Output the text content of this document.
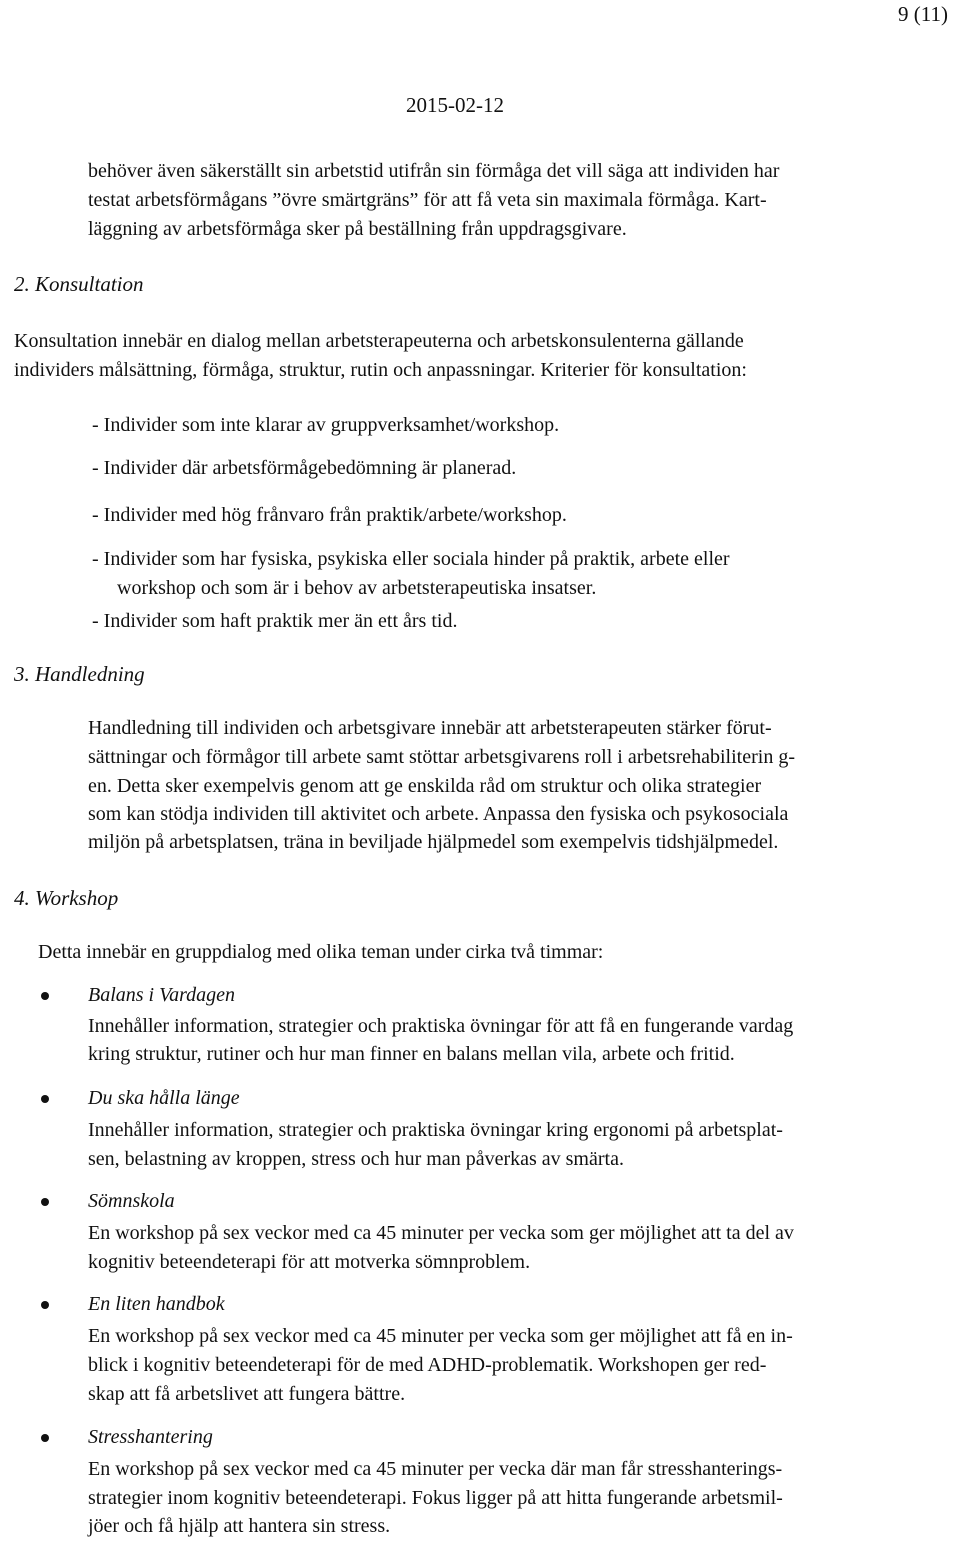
9 (11)
2015-02-12

behöver även säkerställt sin arbetstid utifrån sin förmåga det vill säga att individen har

testat arbetsförmågans ”övre smärtgräns” för att få veta sin maximala förmåga. Kart-

läggning av arbetsförmåga sker på beställning från uppdragsgivare.

2. Konsultation

Konsultation innebär en dialog mellan arbetsterapeuterna och arbetskonsulenterna gällande

individers målsättning, förmåga, struktur, rutin och anpassningar. Kriterier för konsultation:

- Individer som inte klarar av gruppverksamhet/workshop.

- Individer där arbetsförmågebedömning är planerad.

- Individer med hög frånvaro från praktik/arbete/workshop.

- Individer som har fysiska, psykiska eller sociala hinder på praktik, arbete eller

workshop och som är i behov av arbetsterapeutiska insatser.

- Individer som haft praktik mer än ett års tid.

3. Handledning

Handledning till individen och arbetsgivare innebär att arbetsterapeuten stärker förut-

sättningar och förmågor till arbete samt stöttar arbetsgivarens roll i arbetsrehabiliterin g-

en. Detta sker exempelvis genom att ge enskilda råd om struktur och olika strategier

som kan stödja individen till aktivitet och arbete. Anpassa den fysiska och psykosociala

miljön på arbetsplatsen, träna in beviljade hjälpmedel som exempelvis tidshjälpmedel.

4. Workshop

Detta innebär en gruppdialog med olika teman under cirka två timmar:

Balans i Vardagen

Innehåller information, strategier och praktiska övningar för att få en fungerande vardag

kring struktur, rutiner och hur man finner en balans mellan vila, arbete och fritid.

Du ska hålla länge

Innehåller information, strategier och praktiska övningar kring ergonomi på arbetsplat-

sen, belastning av kroppen, stress och hur man påverkas av smärta.

Sömnskola

En workshop på sex veckor med ca 45 minuter per vecka som ger möjlighet att ta del av

kognitiv beteendeterapi för att motverka sömnproblem.

En liten handbok

En workshop på sex veckor med ca 45 minuter per vecka som ger möjlighet att få en in-

blick i kognitiv beteendeterapi för de med ADHD-problematik. Workshopen ger red-

skap att få arbetslivet att fungera bättre.

Stresshantering

En workshop på sex veckor med ca 45 minuter per vecka där man får stresshanterings-

strategier inom kognitiv beteendeterapi. Fokus ligger på att hitta fungerande arbetsmil-

jöer och få hjälp att hantera sin stress.
